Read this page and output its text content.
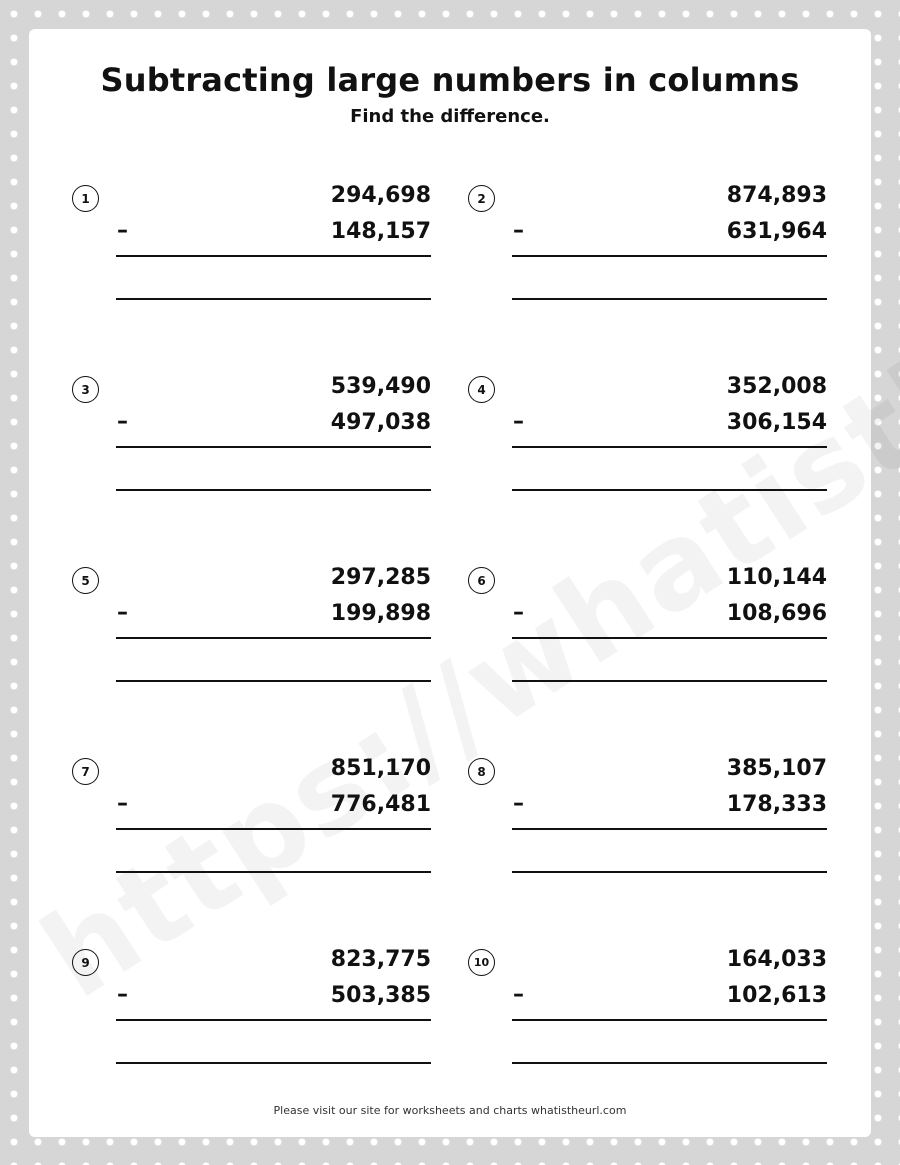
Subtracting large numbers in columns
Find the difference.
1	294,698
–	148,157
2	874,893
–	631,964
3	539,490
–	497,038
4	352,008
–	306,154
5	297,285
–	199,898
6	110,144
–	108,696
7	851,170
–	776,481
8	385,107
–	178,333
9	823,775
–	503,385
10	164,033
–	102,613
Please visit our site for worksheets and charts whatistheurl.com
